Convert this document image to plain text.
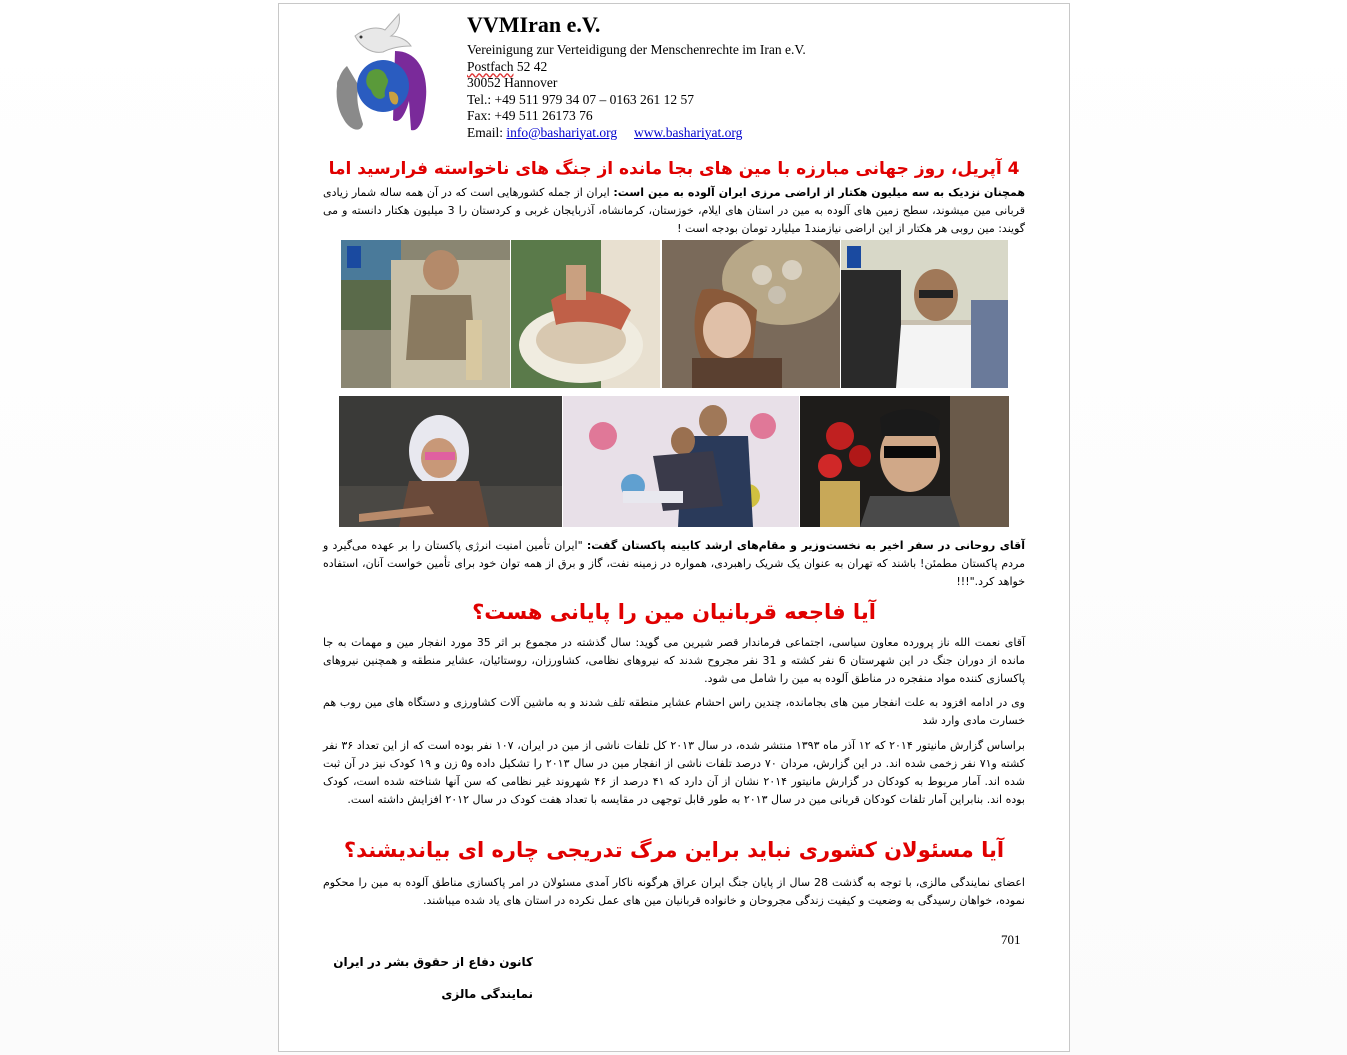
VVMIran e.V.
Vereinigung zur Verteidigung der Menschenrechte im Iran e.V.
Postfach 52 42
30052 Hannover
Tel.: +49 511 979 34 07 – 0163 261 12 57
Fax: +49 511 26173 76
Email: info@bashariyat.org www.bashariyat.org
4 آپریل، روز جهانی مبارزه با مین های بجا مانده از جنگ های ناخواسته فرارسید اما
همچنان نزدیک به سه میلیون هکتار از اراضی مرزی ایران آلوده به مین است: ایران از جمله کشورهایی است که در آن همه ساله شمار زیادی قربانی مین میشوند، سطح زمین های آلوده به مین در استان های ایلام، خوزستان، کرمانشاه، آذربایجان غربی و کردستان را 3 میلیون هکتار دانسته و می گویند: مین روبی هر هکتار از این اراضی نیازمند1 میلیارد تومان بودجه است !
آقای روحانی در سفر اخیر به نخست‌وزیر و مقام‌های ارشد کابینه پاکستان گفت: "ایران تأمین امنیت انرژی پاکستان را بر عهده می‌گیرد و مردم پاکستان مطمئن! باشند که تهران به عنوان یک شریک راهبردی، همواره در زمینه نفت، گاز و برق از همه توان خود برای تأمین خواست آنان، استفاده خواهد کرد."!!!
آیا فاجعه قربانیان مین را پایانی هست؟
آقای نعمت الله ناز پرورده معاون سیاسی، اجتماعی فرماندار قصر شیرین می گوید: سال گذشته در مجموع بر اثر 35 مورد انفجار مین و مهمات به جا مانده از دوران جنگ در این شهرستان 6 نفر کشته و 31 نفر مجروح شدند که نیروهای نظامی، کشاورزان، روستائیان، عشایر منطقه و همچنین نیروهای پاکسازی کننده مواد منفجره در مناطق آلوده به مین را شامل می شود.
وی در ادامه افزود به علت انفجار مین های بجامانده، چندین راس احشام عشایر منطقه تلف شدند و به ماشین آلات کشاورزی و دستگاه های مین روب هم خسارت مادی وارد شد
براساس گزارش مانیتور ۲۰۱۴ که ۱۲ آذر ماه ۱۳۹۳ منتشر شده، در سال ۲۰۱۳ کل تلفات ناشی از مین در ایران، ۱۰۷ نفر بوده است که از این تعداد ۳۶ نفر کشته و۷۱ نفر زخمی شده اند. در این گزارش، مردان ۷۰ درصد تلفات ناشی از انفجار مین در سال ۲۰۱۳ را تشکیل داده و۵ زن و ۱۹ کودک نیز در آن ثبت شده اند. آمار مربوط به کودکان در گزارش مانیتور ۲۰۱۴ نشان از آن دارد که ۴۱ درصد از ۴۶ شهروند غیر نظامی که سن آنها شناخته شده است، کودک بوده اند. بنابراین آمار تلفات کودکان قربانی مین در سال ۲۰۱۳ به طور قابل توجهی در مقایسه با تعداد هفت کودک در سال ۲۰۱۲ افزایش داشته است.
آیا مسئولان کشوری نباید براین مرگ تدریجی چاره ای بیاندیشند؟
اعضای نمایندگی مالزی، با توجه به گذشت 28 سال از پایان جنگ ایران عراق هرگونه ناکار آمدی مسئولان در امر پاکسازی مناطق آلوده به مین را محکوم نموده، خواهان رسیدگی به وضعیت و کیفیت زندگی مجروحان و خانواده قربانیان مین های عمل نکرده در استان های یاد شده میباشند.
701
کانون دفاع از حقوق بشر در ایران
نمایندگی مالزی
